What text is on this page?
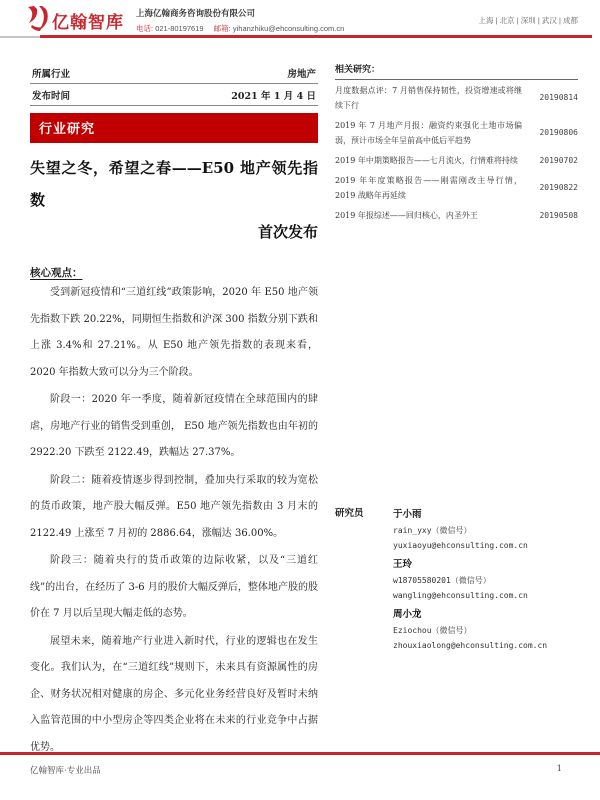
亿翰智库 上海亿翰商务咨询股份有限公司
电话: 021-80197619 邮箱: yihanzhiku@ehconsulting.com.cn
上海 | 北京 | 深圳 | 武汉 | 成都
所属行业	房地产
发布时间	2021 年 1 月 4 日
行业研究
失望之冬，希望之春——E50 地产领先指数
首次发布
核心观点：

受到新冠疫情和“三道红线”政策影响，2020 年 E50 地产领先指数下跌 20.22%，同期恒生指数和沪深 300 指数分别下跌和上涨 3.4%和 27.21%。从 E50 地产领先指数的表现来看，2020 年指数大致可以分为三个阶段。

阶段一：2020 年一季度，随着新冠疫情在全球范围内的肆虐，房地产行业的销售受到重创， E50 地产领先指数也由年初的 2922.20 下跌至 2122.49，跌幅达 27.37%。

阶段二：随着疫情逐步得到控制，叠加央行采取的较为宽松的货币政策，地产股大幅反弹。E50 地产领先指数由 3 月末的 2122.49 上涨至 7 月初的 2886.64，涨幅达 36.00%。

阶段三：随着央行的货币政策的边际收紧，以及“三道红线”的出台，在经历了 3-6 月的股价大幅反弹后，整体地产股的股价在 7 月以后呈现大幅走低的态势。

展望未来，随着地产行业进入新时代，行业的逻辑也在发生变化。我们认为，在“三道红线”规则下，未来具有资源属性的房企、财务状况相对健康的房企、多元化业务经营良好及暂时未纳入监管范围的中小型房企等四类企业将在未来的行业竞争中占据优势。

相关研究：
月度数据点评：7 月销售保持韧性，投资增速或将继续下行
20190814
2019 年 7 月地产月报：融资约束强化土地市场偏弱，预计市场全年呈前高中低后平趋势
20190806
2019 年中期策略报告——七月流火，行情难将持续	20190702
2019 年年度策略报告——刚需刚改主导行情，2019 战略年再延续
20190822
2019 年报综述——回归核心，内圣外王	20190508
研究员	于小雨
rain_yxy（微信号）
yuxiaoyu@ehconsulting.com.cn
王玲
w18705580201（微信号）
wangling@ehconsulting.com.cn
周小龙
Eziochou（微信号）
zhouxiaolong@ehconsulting.com.cn
亿翰智库·专业出品	1
